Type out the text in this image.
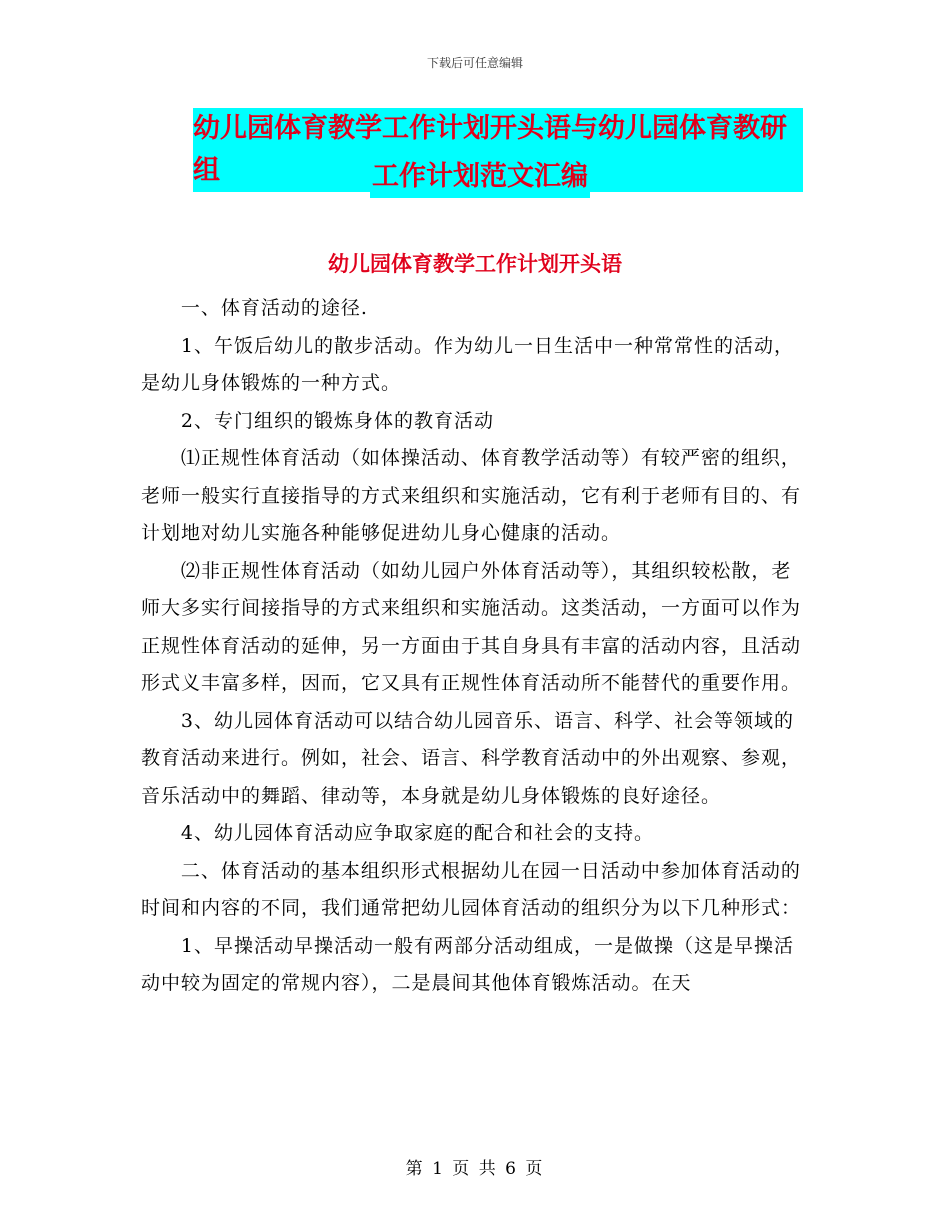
下载后可任意编辑
幼儿园体育教学工作计划开头语与幼儿园体育教研组	工作计划范文汇编
幼儿园体育教学工作计划开头语

一、体育活动的途径.

1、午饭后幼儿的散步活动。作为幼儿一日生活中一种常常性的活动，是幼儿身体锻炼的一种方式。

2、专门组织的锻炼身体的教育活动

⑴正规性体育活动（如体操活动、体育教学活动等）有较严密的组织，老师一般实行直接指导的方式来组织和实施活动，它有利于老师有目的、有计划地对幼儿实施各种能够促进幼儿身心健康的活动。

⑵非正规性体育活动（如幼儿园户外体育活动等），其组织较松散，老师大多实行间接指导的方式来组织和实施活动。这类活动，一方面可以作为正规性体育活动的延伸，另一方面由于其自身具有丰富的活动内容，且活动形式义丰富多样，因而，它又具有正规性体育活动所不能替代的重要作用。

3、幼儿园体育活动可以结合幼儿园音乐、语言、科学、社会等领域的教育活动来进行。例如，社会、语言、科学教育活动中的外出观察、参观，音乐活动中的舞蹈、律动等，本身就是幼儿身体锻炼的良好途径。

4、幼儿园体育活动应争取家庭的配合和社会的支持。

二、体育活动的基本组织形式根据幼儿在园一日活动中参加体育活动的时间和内容的不同，我们通常把幼儿园体育活动的组织分为以下几种形式：

1、早操活动早操活动一般有两部分活动组成，一是做操（这是早操活动中较为固定的常规内容），二是晨间其他体育锻炼活动。在天

第 1 页 共 6 页
